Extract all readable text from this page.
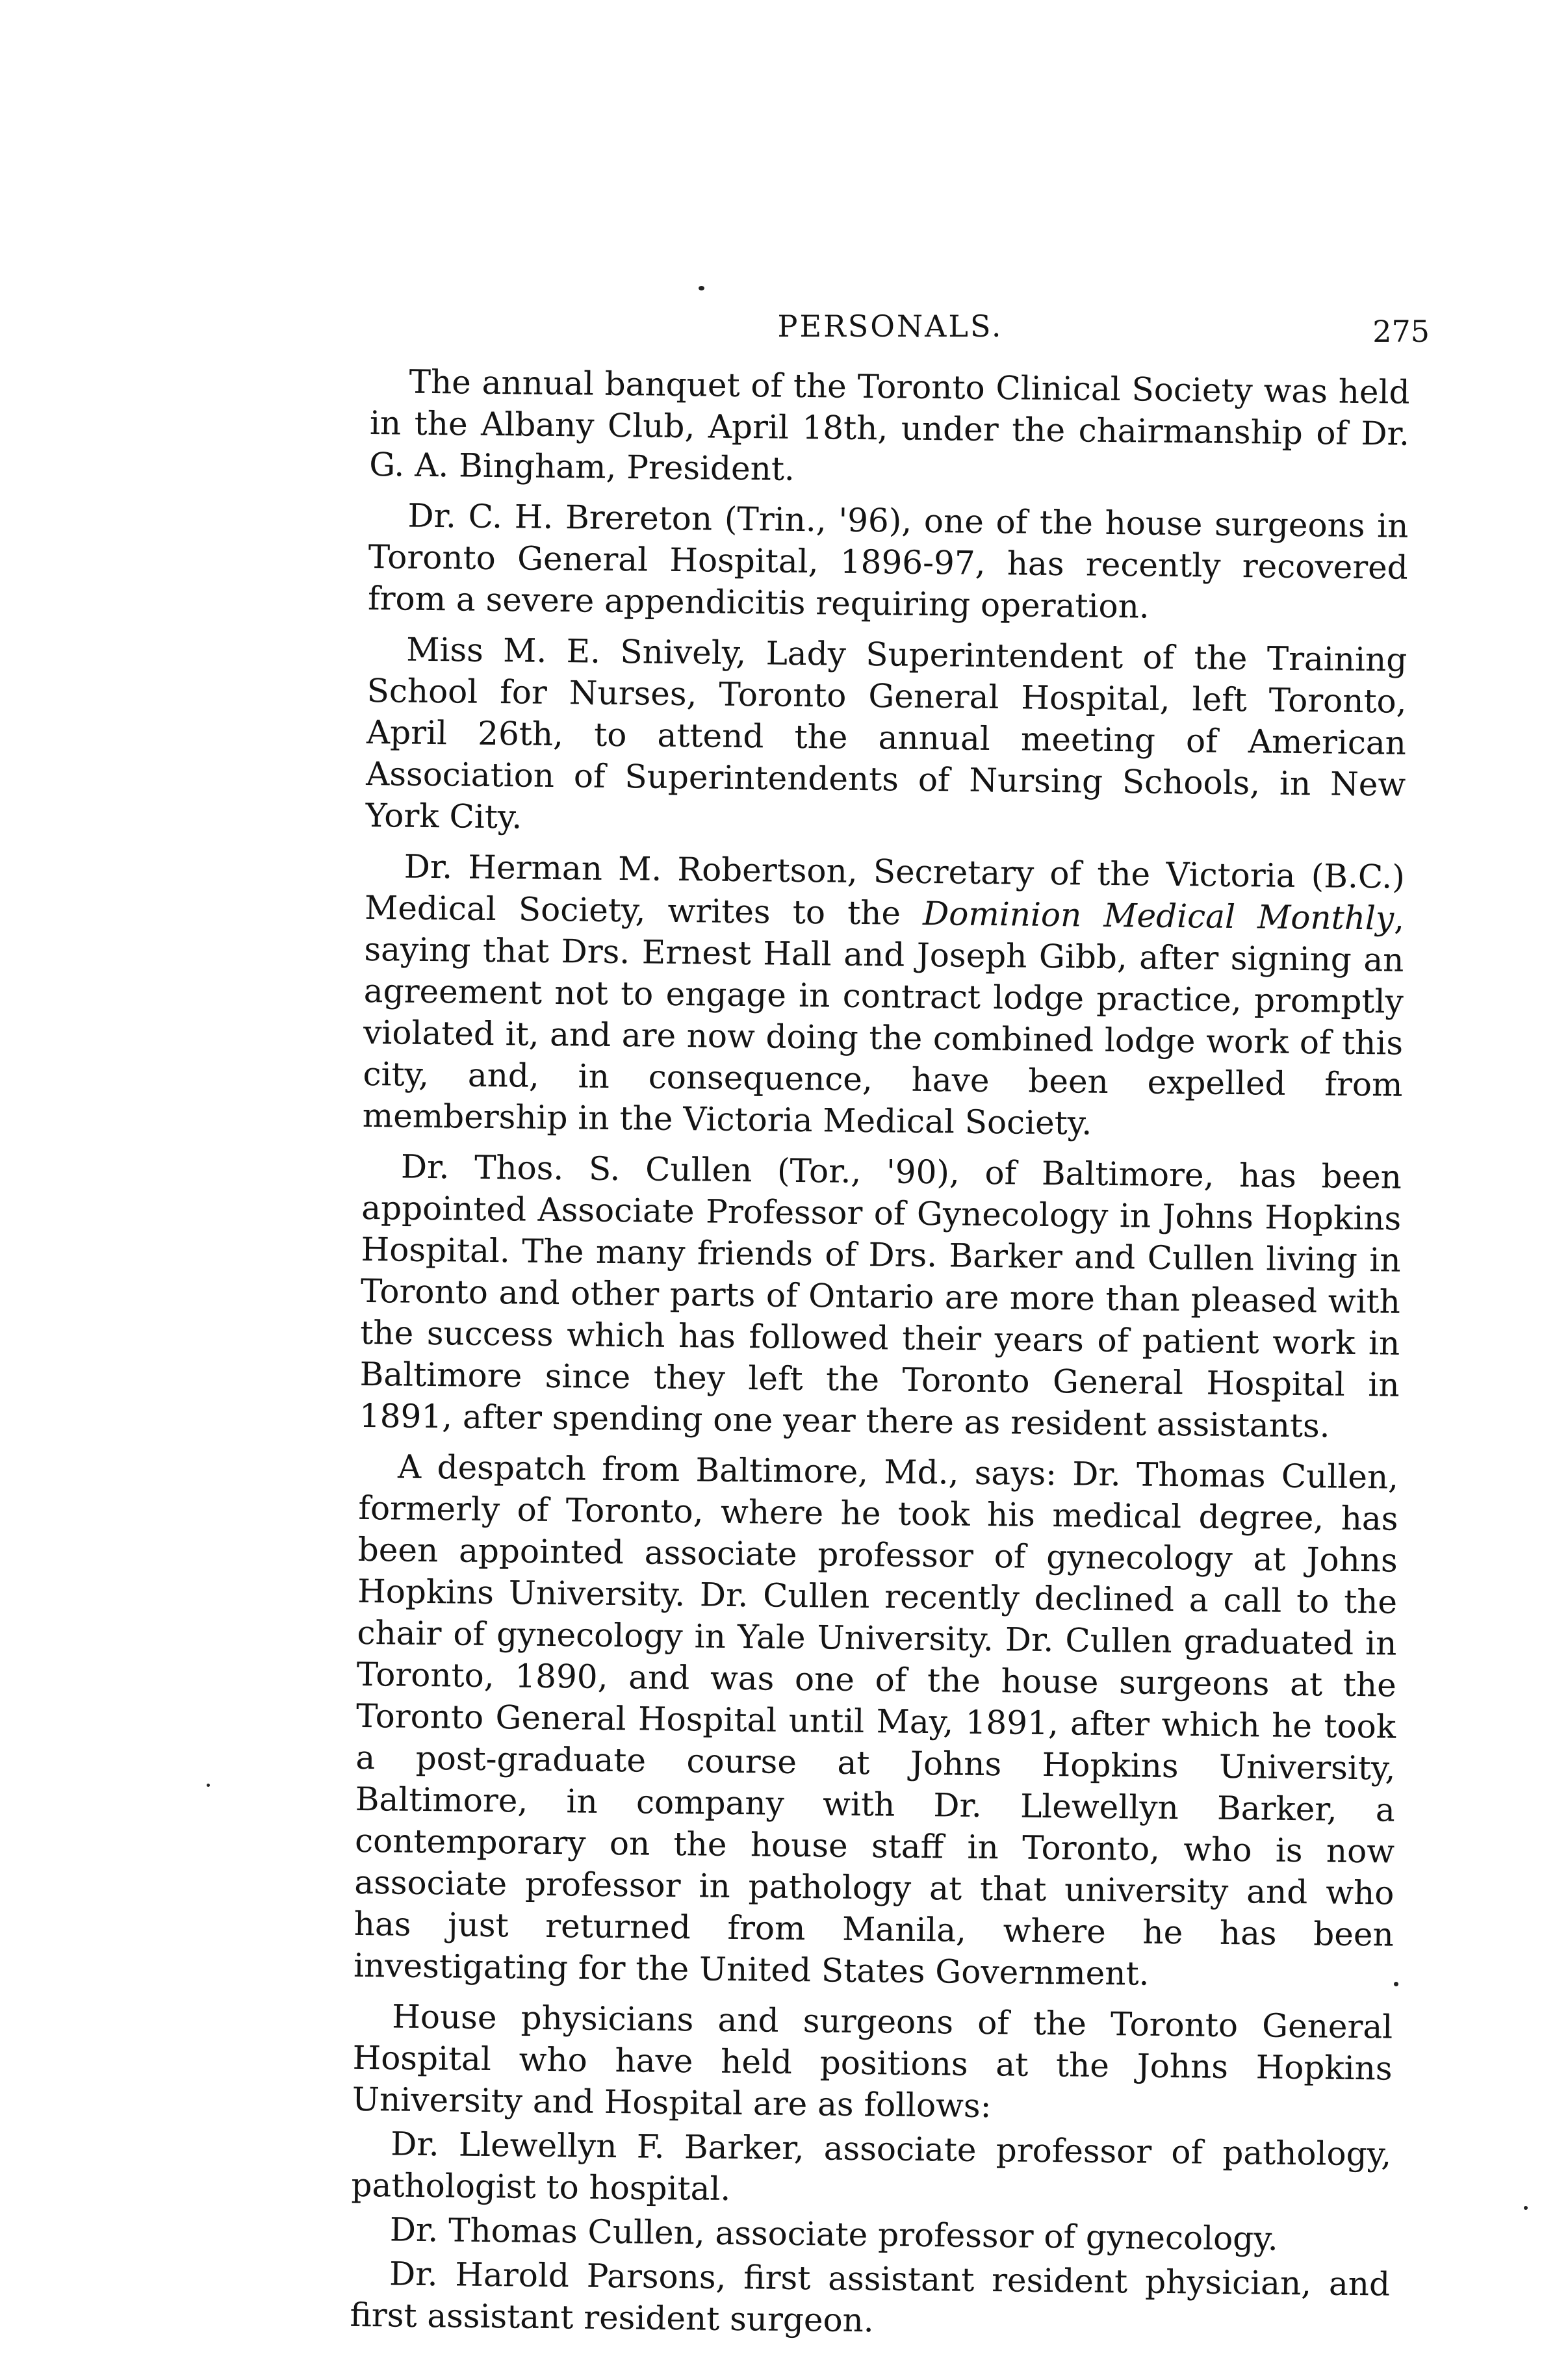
PERSONALS.	275

The annual banquet of the Toronto Clinical Society was held in the Albany Club, April 18th, under the chairmanship of Dr. G. A. Bingham, President.

Dr. C. H. Brereton (Trin., '96), one of the house surgeons in Toronto General Hospital, 1896-97, has recently recovered from a severe appendicitis requiring operation.

Miss M. E. Snively, Lady Superintendent of the Training School for Nurses, Toronto General Hospital, left Toronto, April 26th, to attend the annual meeting of American Association of Superintendents of Nursing Schools, in New York City.

Dr. Herman M. Robertson, Secretary of the Victoria (B.C.) Medical Society, writes to the Dominion Medical Monthly, saying that Drs. Ernest Hall and Joseph Gibb, after signing an agreement not to engage in contract lodge practice, promptly violated it, and are now doing the combined lodge work of this city, and, in consequence, have been expelled from membership in the Victoria Medical Society.

Dr. Thos. S. Cullen (Tor., '90), of Baltimore, has been appointed Associate Professor of Gynecology in Johns Hopkins Hospital. The many friends of Drs. Barker and Cullen living in Toronto and other parts of Ontario are more than pleased with the success which has followed their years of patient work in Baltimore since they left the Toronto General Hospital in 1891, after spending one year there as resident assistants.

A despatch from Baltimore, Md., says: Dr. Thomas Cullen, formerly of Toronto, where he took his medical degree, has been appointed associate professor of gynecology at Johns Hopkins University. Dr. Cullen recently declined a call to the chair of gynecology in Yale University. Dr. Cullen graduated in Toronto, 1890, and was one of the house surgeons at the Toronto General Hospital until May, 1891, after which he took a post-graduate course at Johns Hopkins University, Baltimore, in company with Dr. Llewellyn Barker, a contemporary on the house staff in Toronto, who is now associate professor in pathology at that university and who has just returned from Manila, where he has been investigating for the United States Government.

House physicians and surgeons of the Toronto General Hospital who have held positions at the Johns Hopkins University and Hospital are as follows:

Dr. Llewellyn F. Barker, associate professor of pathology, pathologist to hospital.

Dr. Thomas Cullen, associate professor of gynecology.

Dr. Harold Parsons, first assistant resident physician, and first assistant resident surgeon.
